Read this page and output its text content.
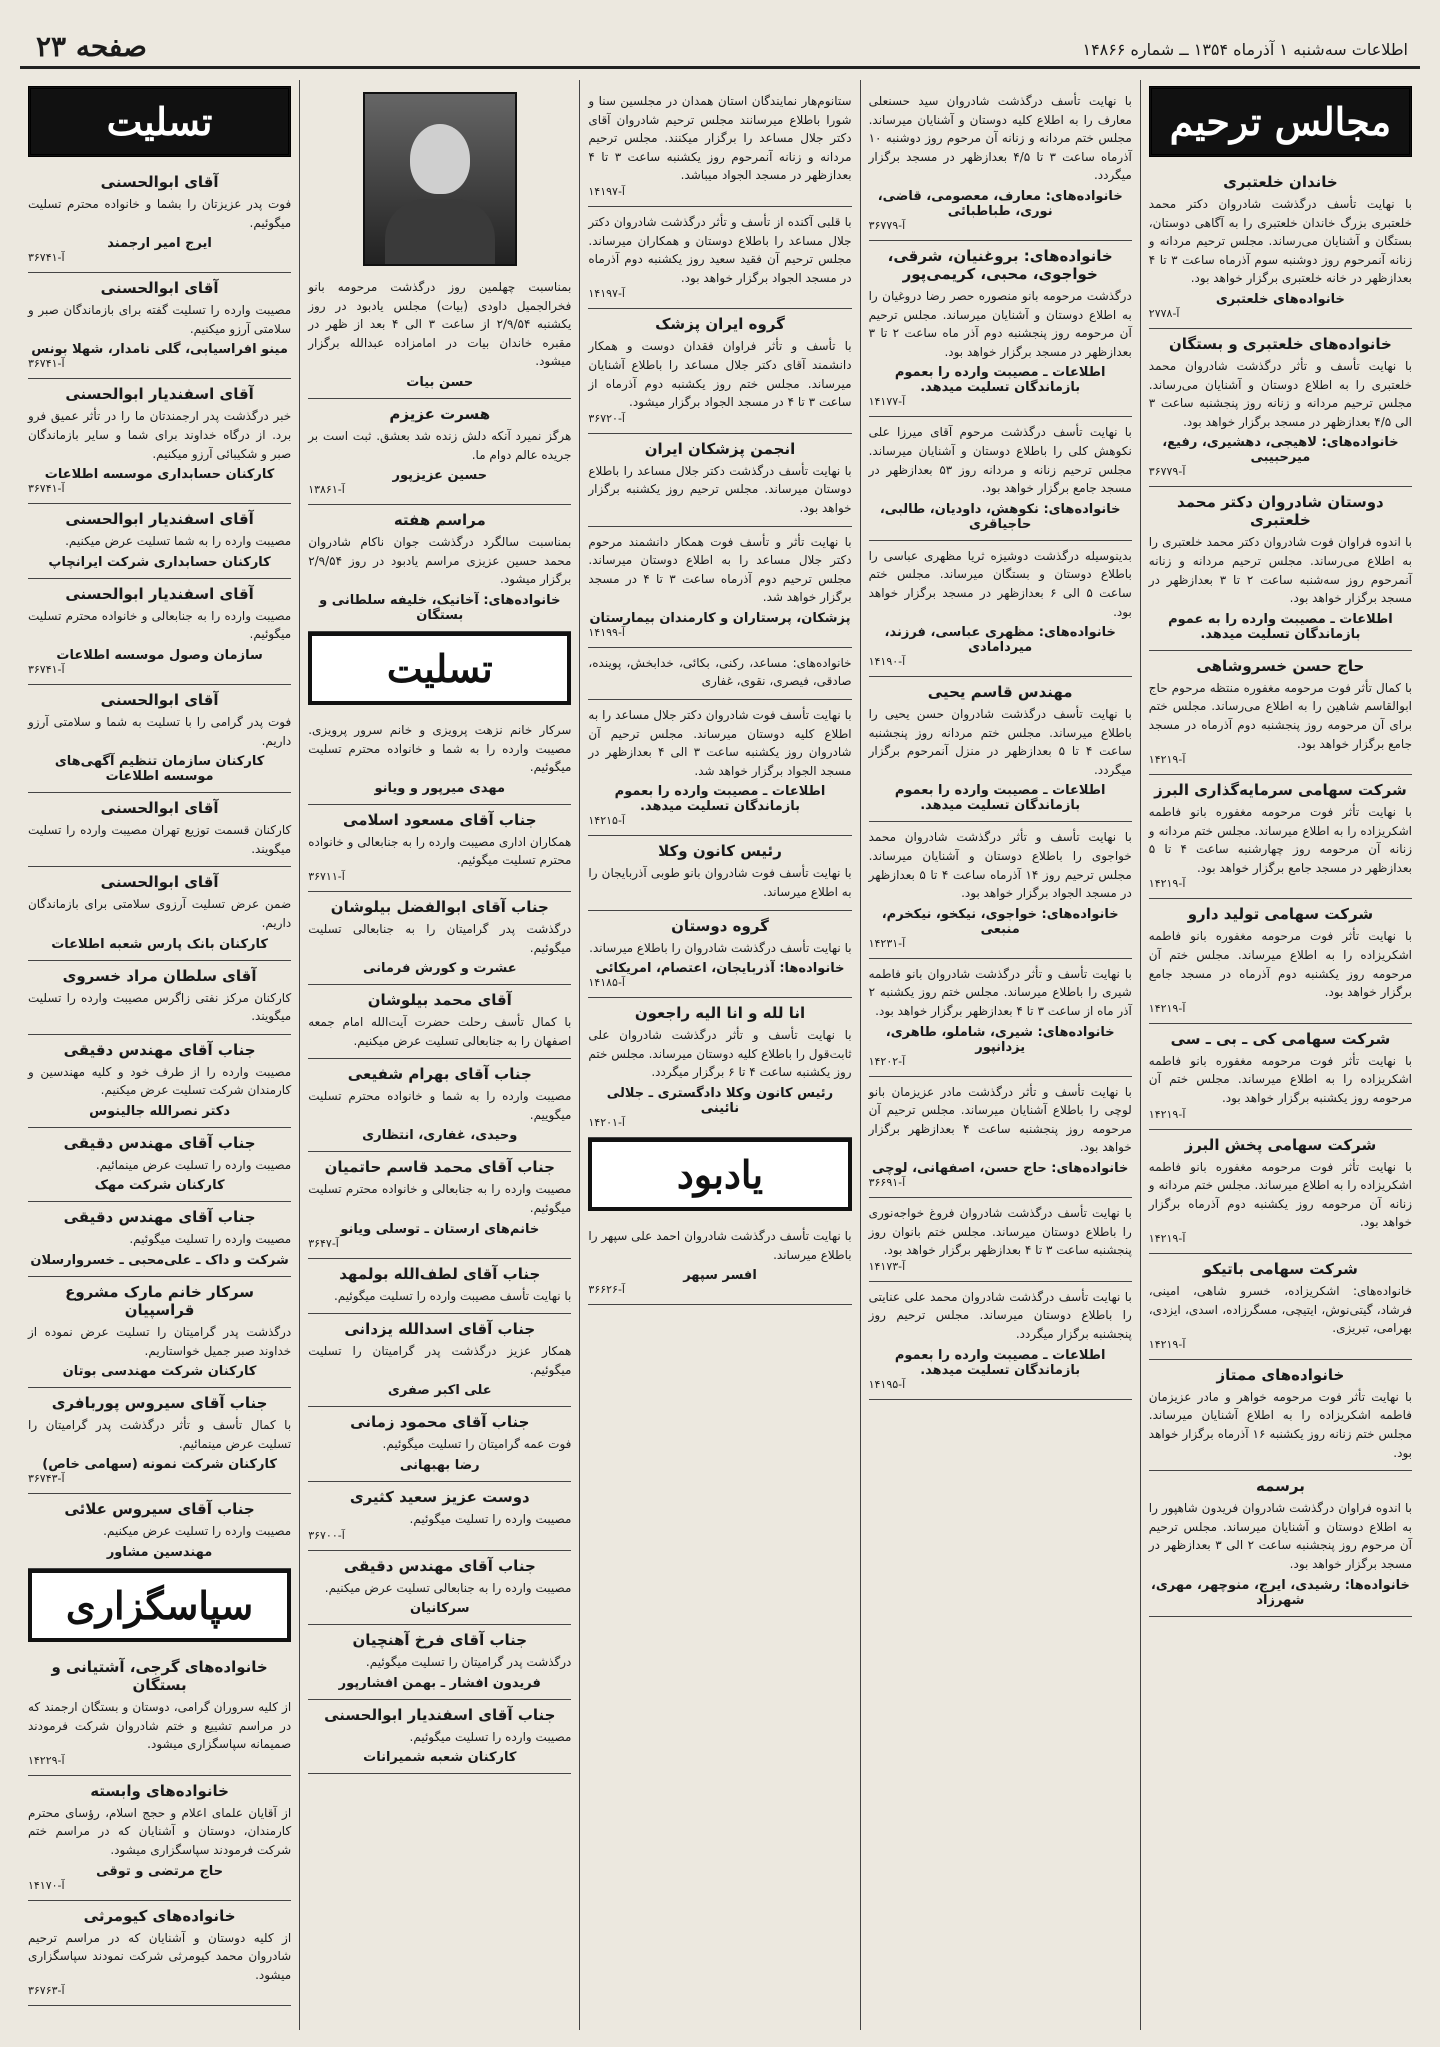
صفحه ۲۳	اطلاعات سه‌شنبه ۱ آذرماه ۱۳۵۴ ــ شماره ۱۴۸۶۶
مجالس ترحیم
خاندان خلعتبری
با نهایت تأسف درگذشت شادروان دکتر محمد خلعتبری بزرگ خاندان خلعتبری را به آگاهی دوستان، بستگان و آشنایان می‌رساند. مجلس ترحیم مردانه و زنانه آنمرحوم روز دوشنبه سوم آذرماه ساعت ۳ تا ۴ بعدازظهر در خانه خلعتبری برگزار خواهد بود.
خانواده‌های خلعتبری
آ-۲۷۷۸
خانواده‌های خلعتبری و بستگان
با نهایت تأسف و تأثر درگذشت شادروان محمد خلعتبری را به اطلاع دوستان و آشنایان می‌رساند. مجلس ترحیم مردانه و زنانه روز پنجشنبه ساعت ۳ الی ۴/۵ بعدازظهر در مسجد برگزار خواهد بود.
خانواده‌های: لاهیجی، دهشیری، رفیع، میرحبیبی
آ-۳۶۷۷۹
دوستان شادروان دکتر محمد خلعتبری
با اندوه فراوان فوت شادروان دکتر محمد خلعتبری را به اطلاع می‌رساند. مجلس ترحیم مردانه و زنانه آنمرحوم روز سه‌شنبه ساعت ۲ تا ۳ بعدازظهر در مسجد برگزار خواهد بود.
اطلاعات ـ مصیبت وارده را به عموم بازماندگان تسلیت میدهد.
حاج حسن خسروشاهی
با کمال تأثر فوت مرحومه مغفوره منتظه مرحوم حاج ابوالقاسم شاهین را به اطلاع می‌رساند. مجلس ختم برای آن مرحومه روز پنجشنبه دوم آذرماه در مسجد جامع برگزار خواهد بود.
آ-۱۴۲۱۹
شرکت سهامی سرمایه‌گذاری البرز
با نهایت تأثر فوت مرحومه مغفوره بانو فاطمه اشکریزاده را به اطلاع میرساند. مجلس ختم مردانه و زنانه آن مرحومه روز چهارشنبه ساعت ۴ تا ۵ بعدازظهر در مسجد جامع برگزار خواهد بود.
آ-۱۴۲۱۹
شرکت سهامی تولید دارو
با نهایت تأثر فوت مرحومه مغفوره بانو فاطمه اشکریزاده را به اطلاع میرساند. مجلس ختم آن مرحومه روز یکشنبه دوم آذرماه در مسجد جامع برگزار خواهد بود.
آ-۱۴۲۱۹
شرکت سهامی کی ـ بی ـ سی
با نهایت تأثر فوت مرحومه مغفوره بانو فاطمه اشکریزاده را به اطلاع میرساند. مجلس ختم آن مرحومه روز یکشنبه برگزار خواهد بود.
آ-۱۴۲۱۹
شرکت سهامی پخش البرز
با نهایت تأثر فوت مرحومه مغفوره بانو فاطمه اشکریزاده را به اطلاع میرساند. مجلس ختم مردانه و زنانه آن مرحومه روز یکشنبه دوم آذرماه برگزار خواهد بود.
آ-۱۴۲۱۹
شرکت سهامی باتیکو
خانواده‌های: اشکریزاده، خسرو شاهی، امینی، فرشاد، گیتی‌نوش، ایتیچی، مسگرزاده، اسدی، ایزدی، بهرامی، تبریزی.
آ-۱۴۲۱۹
خانواده‌های ممتاز
با نهایت تأثر فوت مرحومه خواهر و مادر عزیزمان فاطمه اشکریزاده را به اطلاع آشنایان میرساند. مجلس ختم زنانه روز یکشنبه ۱۶ آذرماه برگزار خواهد بود.
برسمه
با اندوه فراوان درگذشت شادروان فریدون شاهپور را به اطلاع دوستان و آشنایان میرساند. مجلس ترحیم آن مرحوم روز پنجشنبه ساعت ۲ الی ۳ بعدازظهر در مسجد برگزار خواهد بود.
خانواده‌ها: رشیدی، ایرج، منوچهر، مهری، شهرزاد
با نهایت تأسف درگذشت شادروان سید حسنعلی معارف را به اطلاع کلیه دوستان و آشنایان میرساند. مجلس ختم مردانه و زنانه آن مرحوم روز دوشنبه ۱۰ آذرماه ساعت ۳ تا ۴/۵ بعدازظهر در مسجد برگزار میگردد.
خانواده‌های: معارف، معصومی، قاضی، نوری، طباطبائی
آ-۳۶۷۷۹
خانواده‌های: بروغنیان، شرقی، خواجوی، محبی، کریمی‌پور
درگذشت مرحومه بانو منصوره حصر رضا دروغیان را به اطلاع دوستان و آشنایان میرساند. مجلس ترحیم آن مرحومه روز پنجشنبه دوم آذر ماه ساعت ۲ تا ۳ بعدازظهر در مسجد برگزار خواهد بود.
اطلاعات ـ مصیبت وارده را بعموم بازماندگان تسلیت میدهد.
آ-۱۴۱۷۷
با نهایت تأسف درگذشت مرحوم آقای میرزا علی نکوهش کلی را باطلاع دوستان و آشنایان میرساند. مجلس ترحیم زنانه و مردانه روز ۵۳ بعدازظهر در مسجد جامع برگزار خواهد بود.
خانواده‌های: نکوهش، داودیان، طالبی، حاجیاقری
بدینوسیله درگذشت دوشیزه ثریا مظهری عباسی را باطلاع دوستان و بستگان میرساند. مجلس ختم ساعت ۵ الی ۶ بعدازظهر در مسجد برگزار خواهد بود.
خانواده‌های: مظهری عباسی، فرزند، میردامادی
آ-۱۴۱۹۰
مهندس قاسم یحیی
با نهایت تأسف درگذشت شادروان حسن یحیی را باطلاع میرساند. مجلس ختم مردانه روز پنجشنبه ساعت ۴ تا ۵ بعدازظهر در منزل آنمرحوم برگزار میگردد.
اطلاعات ـ مصیبت وارده را بعموم بازماندگان تسلیت میدهد.
با نهایت تأسف و تأثر درگذشت شادروان محمد خواجوی را باطلاع دوستان و آشنایان میرساند. مجلس ترحیم روز ۱۴ آذرماه ساعت ۴ تا ۵ بعدازظهر در مسجد الجواد برگزار خواهد بود.
خانواده‌های: خواجوی، نیکخو، نیکخرم، منبعی
آ-۱۴۲۳۱
با نهایت تأسف و تأثر درگذشت شادروان بانو فاطمه شیری را باطلاع میرساند. مجلس ختم روز یکشنبه ۲ آذر ماه از ساعت ۳ تا ۴ بعدازظهر برگزار خواهد بود.
خانواده‌های: شیری، شاملو، طاهری، یزدانپور
آ-۱۴۲۰۲
با نهایت تأسف و تأثر درگذشت مادر عزیزمان بانو لوچی را باطلاع آشنایان میرساند. مجلس ترحیم آن مرحومه روز پنجشنبه ساعت ۴ بعدازظهر برگزار خواهد بود.
خانواده‌های: حاج حسن، اصفهانی، لوچی
آ-۳۶۶۹۱
با نهایت تأسف درگذشت شادروان فروغ خواجه‌نوری را باطلاع دوستان میرساند. مجلس ختم بانوان روز پنجشنبه ساعت ۳ تا ۴ بعدازظهر برگزار خواهد بود.
آ-۱۴۱۷۳
با نهایت تأسف درگذشت شادروان محمد علی عنایتی را باطلاع دوستان میرساند. مجلس ترحیم روز پنجشنبه برگزار میگردد.
اطلاعات ـ مصیبت وارده را بعموم بازماندگان تسلیت میدهد.
آ-۱۴۱۹۵
ستانوم‌هار نمایندگان استان همدان در مجلسین سنا و شورا باطلاع میرسانند مجلس ترحیم شادروان آقای دکتر جلال مساعد را برگزار میکنند. مجلس ترحیم مردانه و زنانه آنمرحوم روز یکشنبه ساعت ۳ تا ۴ بعدازظهر در مسجد الجواد میباشد.
آ-۱۴۱۹۷
با قلبی آکنده از تأسف و تأثر درگذشت شادروان دکتر جلال مساعد را باطلاع دوستان و همکاران میرساند. مجلس ترحیم آن فقید سعید روز یکشنبه دوم آذرماه در مسجد الجواد برگزار خواهد بود.
آ-۱۴۱۹۷
گروه ایران پزشک
با تأسف و تأثر فراوان فقدان دوست و همکار دانشمند آقای دکتر جلال مساعد را باطلاع آشنایان میرساند. مجلس ختم روز یکشنبه دوم آذرماه از ساعت ۳ تا ۴ در مسجد الجواد برگزار میشود.
آ-۳۶۷۲۰
انجمن پزشکان ایران
با نهایت تأسف درگذشت دکتر جلال مساعد را باطلاع دوستان میرساند. مجلس ترحیم روز یکشنبه برگزار خواهد بود.
با نهایت تأثر و تأسف فوت همکار دانشمند مرحوم دکتر جلال مساعد را به اطلاع دوستان میرساند. مجلس ترحیم دوم آذرماه ساعت ۳ تا ۴ در مسجد برگزار خواهد شد.
پزشکان، پرستاران و کارمندان بیمارستان
آ-۱۴۱۹۹
خانواده‌های: مساعد، رکنی، بکائی، خدابخش، پوینده، صادقی، فیصری، نقوی، غفاری
با نهایت تأسف فوت شادروان دکتر جلال مساعد را به اطلاع کلیه دوستان میرساند. مجلس ترحیم آن شادروان روز یکشنبه ساعت ۳ الی ۴ بعدازظهر در مسجد الجواد برگزار خواهد شد.
اطلاعات ـ مصیبت وارده را بعموم بازماندگان تسلیت میدهد.
آ-۱۴۲۱۵
رئیس کانون وکلا
با نهایت تأسف فوت شادروان بانو طوبی آذربایجان را به اطلاع میرساند.
گروه دوستان
با نهایت تأسف درگذشت شادروان را باطلاع میرساند.
خانواده‌ها: آذربایجان، اعتصام، امریکائی
آ-۱۴۱۸۵
انا لله و انا الیه راجعون
با نهایت تأسف و تأثر درگذشت شادروان علی ثابت‌قول را باطلاع کلیه دوستان میرساند. مجلس ختم روز یکشنبه ساعت ۴ تا ۶ برگزار میگردد.
رئیس کانون وکلا دادگستری ـ جلالی نائینی
آ-۱۴۲۰۱
یادبود
با نهایت تأسف درگذشت شادروان احمد علی سپهر را باطلاع میرساند.
افسر سپهر
آ-۳۶۶۲۶
بمناسبت چهلمین روز درگذشت مرحومه بانو فخرالجمیل داودی (بیات) مجلس یادبود در روز یکشنبه ۲/۹/۵۴ از ساعت ۳ الی ۴ بعد از ظهر در مقبره خاندان بیات در امامزاده عبدالله برگزار میشود.
حسن بیات
هسرت عزیزم
هرگز نمیرد آنکه دلش زنده شد بعشق. ثبت است بر جریده عالم دوام ما.
حسین عزیزپور
آ-۱۳۸۶۱
مراسم هفته
بمناسبت سالگرد درگذشت جوان ناکام شادروان محمد حسین عزیزی مراسم یادبود در روز ۲/۹/۵۴ برگزار میشود.
خانواده‌های: آخانیک، خلیفه سلطانی و بستگان
تسلیت
سرکار خانم نزهت پرویزی و خانم سرور پرویزی. مصیبت وارده را به شما و خانواده محترم تسلیت میگوئیم.
مهدی میرپور و ویانو
جناب آقای مسعود اسلامی
همکاران اداری مصیبت وارده را به جنابعالی و خانواده محترم تسلیت میگوئیم.
آ-۳۶۷۱۱
جناب آقای ابوالفضل بیلوشان
درگذشت پدر گرامیتان را به جنابعالی تسلیت میگوئیم.
عشرت و کورش فرمانی
آقای محمد بیلوشان
با کمال تأسف رحلت حضرت آیت‌الله امام جمعه اصفهان را به جنابعالی تسلیت عرض میکنیم.
جناب آقای بهرام شفیعی
مصیبت وارده را به شما و خانواده محترم تسلیت میگوییم.
وحیدی، غفاری، انتظاری
جناب آقای محمد قاسم حاتمیان
مصیبت وارده را به جنابعالی و خانواده محترم تسلیت میگوئیم.
خانم‌های ارستان ـ توسلی ویانو
آ-۳۶۴۷
جناب آقای لطف‌الله بولمهد
با نهایت تأسف مصیبت وارده را تسلیت میگوئیم.
جناب آقای اسدالله یزدانی
همکار عزیز درگذشت پدر گرامیتان را تسلیت میگوئیم.
علی اکبر صفری
جناب آقای محمود زمانی
فوت عمه گرامیتان را تسلیت میگوئیم.
رضا بهبهانی
دوست عزیز سعید کثیری
مصیبت وارده را تسلیت میگوئیم.
آ-۳۶۷۰۰
جناب آقای مهندس دقیقی
مصیبت وارده را به جنابعالی تسلیت عرض میکنیم.
سرکانیان
جناب آقای فرخ آهنچیان
درگذشت پدر گرامیتان را تسلیت میگوئیم.
فریدون افشار ـ بهمن افشارپور
جناب آقای اسفندیار ابوالحسنی
مصیبت وارده را تسلیت میگوئیم.
کارکنان شعبه شمیرانات
تسلیت
آقای ابوالحسنی
فوت پدر عزیزتان را بشما و خانواده محترم تسلیت میگوئیم.
ایرج امیر ارجمند
آ-۳۶۷۴۱
آقای ابوالحسنی
مصیبت وارده را تسلیت گفته برای بازماندگان صبر و سلامتی آرزو میکنیم.
مینو افراسیابی، گلی نامدار، شهلا بونس
آ-۳۶۷۴۱
آقای اسفندیار ابوالحسنی
خبر درگذشت پدر ارجمندتان ما را در تأثر عمیق فرو برد. از درگاه خداوند برای شما و سایر بازماندگان صبر و شکیبائی آرزو میکنیم.
کارکنان حسابداری موسسه اطلاعات
آ-۳۶۷۴۱
آقای اسفندیار ابوالحسنی
مصیبت وارده را به شما تسلیت عرض میکنیم.
کارکنان حسابداری شرکت ایرانچاپ
آقای اسفندیار ابوالحسنی
مصیبت وارده را به جنابعالی و خانواده محترم تسلیت میگوئیم.
سازمان وصول موسسه اطلاعات
آ-۳۶۷۴۱
آقای ابوالحسنی
فوت پدر گرامی را با تسلیت به شما و سلامتی آرزو داریم.
کارکنان سازمان تنظیم آگهی‌های موسسه اطلاعات
آقای ابوالحسنی
کارکنان قسمت توزیع تهران مصیبت وارده را تسلیت میگویند.
آقای ابوالحسنی
ضمن عرض تسلیت آرزوی سلامتی برای بازماندگان داریم.
کارکنان بانک پارس شعبه اطلاعات
آقای سلطان مراد خسروی
کارکنان مرکز نفتی زاگرس مصیبت وارده را تسلیت میگویند.
جناب آقای مهندس دقیقی
مصیبت وارده را از طرف خود و کلیه مهندسین و کارمندان شرکت تسلیت عرض میکنیم.
دکتر نصرالله جالینوس
جناب آقای مهندس دقیقی
مصیبت وارده را تسلیت عرض مینمائیم.
کارکنان شرکت مهک
جناب آقای مهندس دقیقی
مصیبت وارده را تسلیت میگوئیم.
شرکت و داک ـ علی‌محبی ـ خسروارسلان
سرکار خانم مارک مشروع قراسپیان
درگذشت پدر گرامیتان را تسلیت عرض نموده از خداوند صبر جمیل خواستاریم.
کارکنان شرکت مهندسی بوتان
جناب آقای سیروس پوربافری
با کمال تأسف و تأثر درگذشت پدر گرامیتان را تسلیت عرض مینمائیم.
کارکنان شرکت نمونه (سهامی خاص)
آ-۳۶۷۴۳
جناب آقای سیروس علائی
مصیبت وارده را تسلیت عرض میکنیم.
مهندسین مشاور
سپاسگزاری
خانواده‌های گرجی، آشتیانی و بستگان
از کلیه سروران گرامی، دوستان و بستگان ارجمند که در مراسم تشییع و ختم شادروان شرکت فرمودند صمیمانه سپاسگزاری میشود.
آ-۱۴۲۲۹
خانواده‌های وابسته
از آقایان علمای اعلام و حجج اسلام، رؤسای محترم کارمندان، دوستان و آشنایان که در مراسم ختم شرکت فرمودند سپاسگزاری میشود.
حاج مرتضی و توقی
آ-۱۴۱۷۰
خانواده‌های کیومرثی
از کلیه دوستان و آشنایان که در مراسم ترحیم شادروان محمد کیومرثی شرکت نمودند سپاسگزاری میشود.
آ-۳۶۷۶۳
